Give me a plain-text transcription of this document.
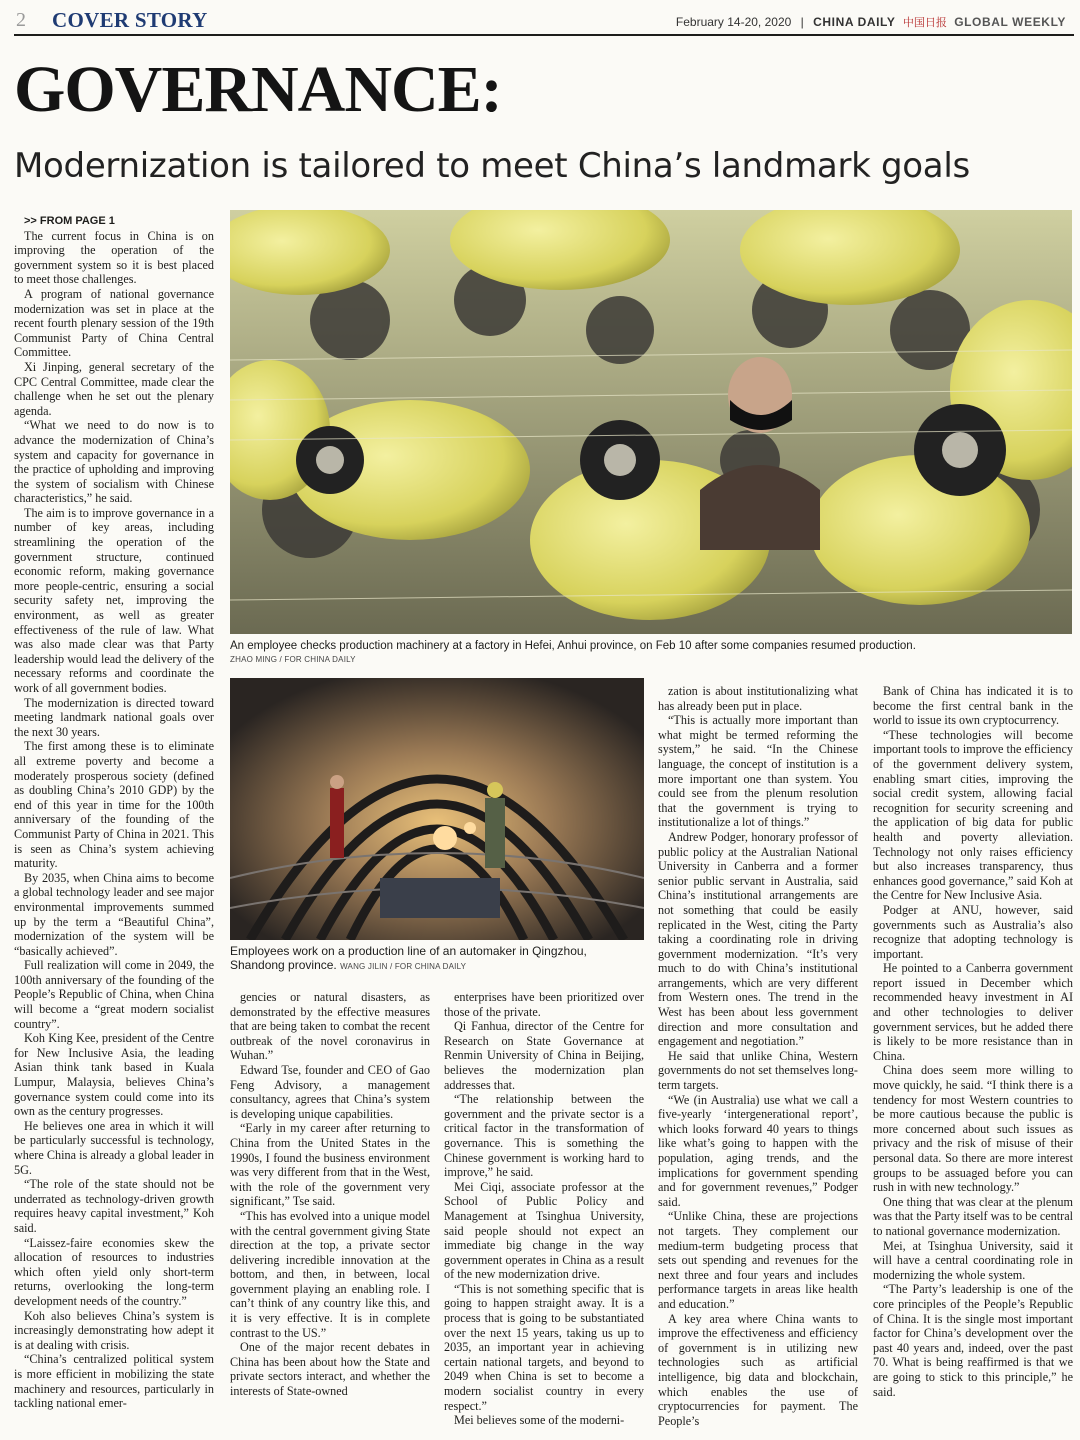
2 COVER STORY	February 14-20, 2020 | CHINA DAILY 中国日报 GLOBAL WEEKLY
GOVERNANCE:
Modernization is tailored to meet China’s landmark goals

>> FROM PAGE 1

The current focus in China is on improving the operation of the government system so it is best placed to meet those challenges.

A program of national governance modernization was set in place at the recent fourth plenary session of the 19th Communist Party of China Central Committee.

Xi Jinping, general secretary of the CPC Central Committee, made clear the challenge when he set out the plenary agenda.

“What we need to do now is to advance the modernization of China’s system and capacity for governance in the practice of upholding and improving the system of socialism with Chinese characteristics,” he said.

The aim is to improve governance in a number of key areas, including streamlining the operation of the government structure, continued economic reform, making governance more people-centric, ensuring a social security safety net, improving the environment, as well as greater effectiveness of the rule of law. What was also made clear was that Party leadership would lead the delivery of the necessary reforms and coordinate the work of all government bodies.

The modernization is directed toward meeting landmark national goals over the next 30 years.

The first among these is to eliminate all extreme poverty and become a moderately prosperous society (defined as doubling China’s 2010 GDP) by the end of this year in time for the 100th anniversary of the founding of the Communist Party of China in 2021. This is seen as China’s system achieving maturity.

By 2035, when China aims to become a global technology leader and see major environmental improvements summed up by the term a “Beautiful China”, modernization of the system will be “basically achieved”.

Full realization will come in 2049, the 100th anniversary of the founding of the People’s Republic of China, when China will become a “great modern socialist country”.

Koh King Kee, president of the Centre for New Inclusive Asia, the leading Asian think tank based in Kuala Lumpur, Malaysia, believes China’s governance system could come into its own as the century progresses.

He believes one area in which it will be particularly successful is technology, where China is already a global leader in 5G.

“The role of the state should not be underrated as technology-driven growth requires heavy capital investment,” Koh said.

“Laissez-faire economies skew the allocation of resources to industries which often yield only short-term returns, overlooking the long-term development needs of the country.”

Koh also believes China’s system is increasingly demonstrating how adept it is at dealing with crisis.

“China’s centralized political system is more efficient in mobilizing the state machinery and resources, particularly in tackling national emer-

An employee checks production machinery at a factory in Hefei, Anhui province, on Feb 10 after some companies resumed production.
ZHAO MING / FOR CHINA DAILY
Employees work on a production line of an automaker in Qingzhou, Shandong province. WANG JILIN / FOR CHINA DAILY

gencies or natural disasters, as demonstrated by the effective measures that are being taken to combat the recent outbreak of the novel coronavirus in Wuhan.”

Edward Tse, founder and CEO of Gao Feng Advisory, a management consultancy, agrees that China’s system is developing unique capabilities.

“Early in my career after returning to China from the United States in the 1990s, I found the business environment was very different from that in the West, with the role of the government very significant,” Tse said.

“This has evolved into a unique model with the central government giving State direction at the top, a private sector delivering incredible innovation at the bottom, and then, in between, local government playing an enabling role. I can’t think of any country like this, and it is very effective. It is in complete contrast to the US.”

One of the major recent debates in China has been about how the State and private sectors interact, and whether the interests of State-owned

enterprises have been prioritized over those of the private.

Qi Fanhua, director of the Centre for Research on State Governance at Renmin University of China in Beijing, believes the modernization plan addresses that.

“The relationship between the government and the private sector is a critical factor in the transformation of governance. This is something the Chinese government is working hard to improve,” he said.

Mei Ciqi, associate professor at the School of Public Policy and Management at Tsinghua University, said people should not expect an immediate big change in the way government operates in China as a result of the new modernization drive.

“This is not something specific that is going to happen straight away. It is a process that is going to be substantiated over the next 15 years, taking us up to 2035, an important year in achieving certain national targets, and beyond to 2049 when China is set to become a modern socialist country in every respect.”

Mei believes some of the moderni-

zation is about institutionalizing what has already been put in place.

“This is actually more important than what might be termed reforming the system,” he said. “In the Chinese language, the concept of institution is a more important one than system. You could see from the plenum resolution that the government is trying to institutionalize a lot of things.”

Andrew Podger, honorary professor of public policy at the Australian National University in Canberra and a former senior public servant in Australia, said China’s institutional arrangements are not something that could be easily replicated in the West, citing the Party taking a coordinating role in driving government modernization. “It’s very much to do with China’s institutional arrangements, which are very different from Western ones. The trend in the West has been about less government direction and more consultation and engagement and negotiation.”

He said that unlike China, Western governments do not set themselves long-term targets.

“We (in Australia) use what we call a five-yearly ‘intergenerational report’, which looks forward 40 years to things like what’s going to happen with the population, aging trends, and the implications for government spending and for government revenues,” Podger said.

“Unlike China, these are projections not targets. They complement our medium-term budgeting process that sets out spending and revenues for the next three and four years and includes performance targets in areas like health and education.”

A key area where China wants to improve the effectiveness and efficiency of government is in utilizing new technologies such as artificial intelligence, big data and blockchain, which enables the use of cryptocurrencies for payment. The People’s

Bank of China has indicated it is to become the first central bank in the world to issue its own cryptocurrency.

“These technologies will become important tools to improve the efficiency of the government delivery system, enabling smart cities, improving the social credit system, allowing facial recognition for security screening and the application of big data for public health and poverty alleviation. Technology not only raises efficiency but also increases transparency, thus enhances good governance,” said Koh at the Centre for New Inclusive Asia.

Podger at ANU, however, said governments such as Australia’s also recognize that adopting technology is important.

He pointed to a Canberra government report issued in December which recommended heavy investment in AI and other technologies to deliver government services, but he added there is likely to be more resistance than in China.

China does seem more willing to move quickly, he said. “I think there is a tendency for most Western countries to be more cautious because the public is more concerned about such issues as privacy and the risk of misuse of their personal data. So there are more interest groups to be assuaged before you can rush in with new technology.”

One thing that was clear at the plenum was that the Party itself was to be central to national governance modernization.

Mei, at Tsinghua University, said it will have a central coordinating role in modernizing the whole system.

“The Party’s leadership is one of the core principles of the People’s Republic of China. It is the single most important factor for China’s development over the past 40 years and, indeed, over the past 70. What is being reaffirmed is that we are going to stick to this principle,” he said.
